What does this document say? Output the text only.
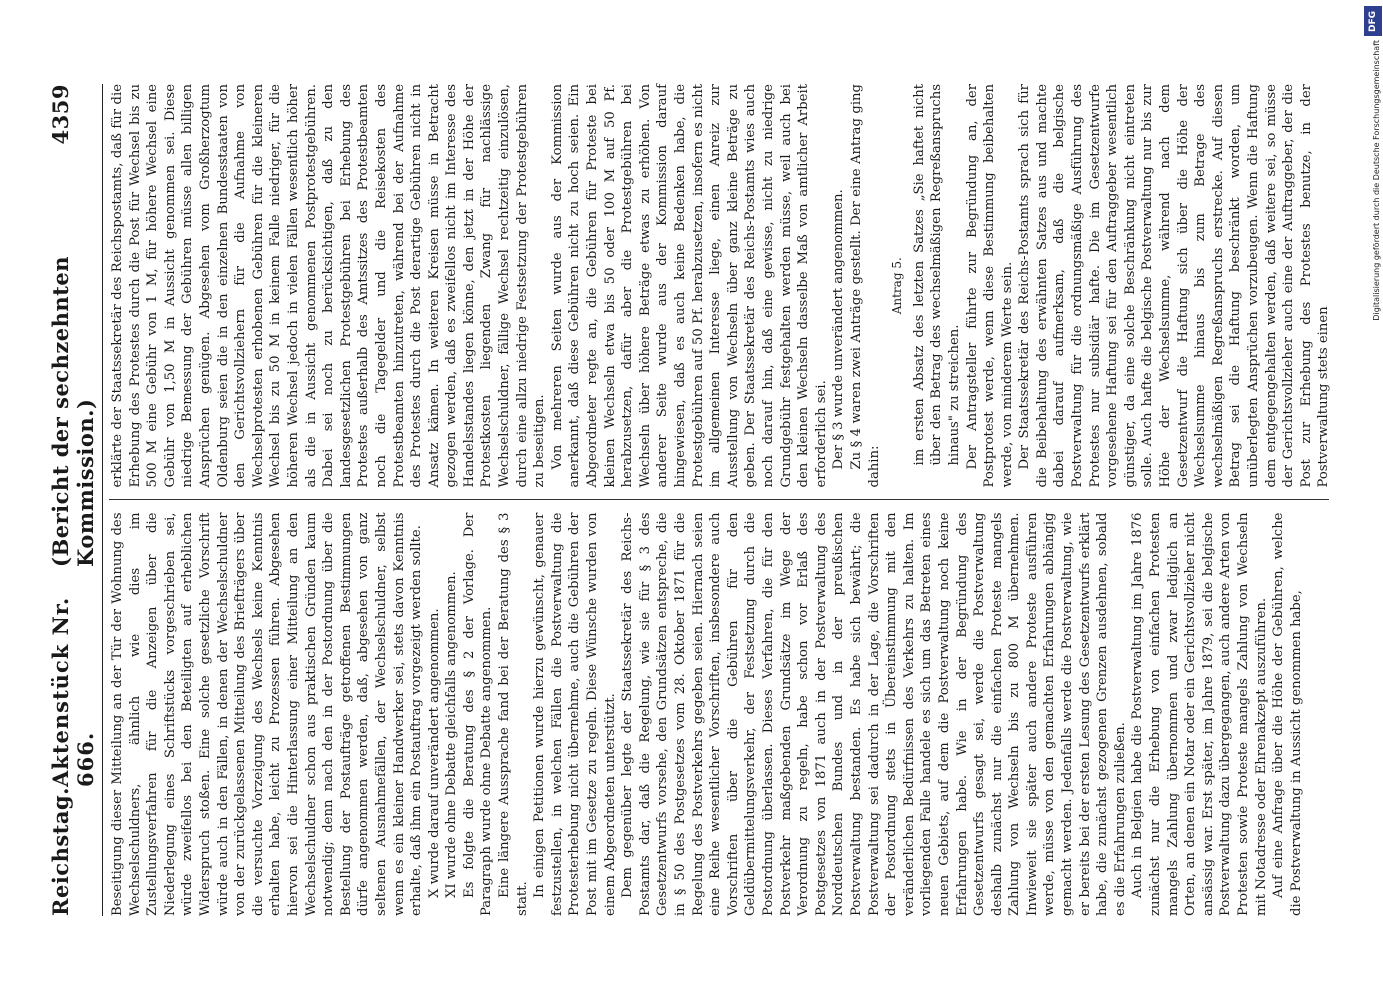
Reichstag.
Aktenstück Nr. 666.
(Bericht der sechzehnten Kommission.)
4359

Beseitigung dieser Mitteilung an der Tür der Wohnung des Wechselschuldners, ähnlich wie dies im Zustellungsverfahren für die Anzeigen über die Niederlegung eines Schriftstücks vorgeschrieben sei, würde zweifellos bei den Beteiligten auf erheblichen Widerspruch stoßen. Eine solche gesetzliche Vorschrift würde auch in den Fällen, in denen der Wechselschuldner von der zurückgelassenen Mitteilung des Briefträgers über die versuchte Vorzeigung des Wechsels keine Kenntnis erhalten habe, leicht zu Prozessen führen. Abgesehen hiervon sei die Hinterlassung einer Mitteilung an den Wechselschuldner schon aus praktischen Gründen kaum notwendig; denn nach den in der Postordnung über die Bestellung der Postaufträge getroffenen Bestimmungen dürfe angenommen werden, daß, abgesehen von ganz seltenen Ausnahmefällen, der Wechselschuldner, selbst wenn es ein kleiner Handwerker sei, stets davon Kenntnis erhalte, daß ihm ein Postauftrag vorgezeigt werden sollte. X wurde darauf unverändert angenommen. XI wurde ohne Debatte gleichfalls angenommen. Es folgte die Beratung des § 2 der Vorlage. Der Paragraph wurde ohne Debatte angenommen. Eine längere Aussprache fand bei der Beratung des § 3 statt.

In einigen Petitionen wurde hierzu gewünscht, genauer festzustellen, in welchen Fällen die Postverwaltung die Protesterhebung nicht übernehme, auch die Gebühren der Post mit im Gesetze zu regeln. Diese Wünsche wurden von einem Abgeordneten unterstützt. Dem gegenüber legte der Staatssekretär des Reichs-Postamts dar, daß die Regelung, wie sie für § 3 des Gesetzentwurfs vorsehe, den Grundsätzen entspreche, die in § 50 des Postgesetzes vom 28. Oktober 1871 für die Regelung des Postverkehrs gegeben seien. Hiernach seien eine Reihe wesentlicher Vorschriften, insbesondere auch Vorschriften über die Gebühren für den Geldübermittelungsverkehr, der Festsetzung durch die Postordnung überlassen. Dieses Verfahren, die für den Postverkehr maßgebenden Grundsätze im Wege der Verordnung zu regeln, habe schon vor Erlaß des Postgesetzes von 1871 auch in der Postverwaltung des Norddeutschen Bundes und in der preußischen Postverwaltung bestanden. Es habe sich bewährt; die Postverwaltung sei dadurch in der Lage, die Vorschriften der Postordnung stets in Übereinstimmung mit den veränderlichen Bedürfnissen des Verkehrs zu halten. Im vorliegenden Falle handele es sich um das Betreten eines neuen Gebiets, auf dem die Postverwaltung noch keine Erfahrungen habe. Wie in der Begründung des Gesetzentwurfs gesagt sei, werde die Postverwaltung deshalb zunächst nur die einfachen Proteste mangels Zahlung von Wechseln bis zu 800 M übernehmen. Inwieweit sie später auch andere Proteste ausführen werde, müsse von den gemachten Erfahrungen abhängig gemacht werden. Jedenfalls werde die Postverwaltung, wie er bereits bei der ersten Lesung des Gesetzentwurfs erklärt habe, die zunächst gezogenen Grenzen ausdehnen, sobald es die Erfahrungen zuließen. Auch in Belgien habe die Postverwaltung im Jahre 1876 zunächst nur die Erhebung von einfachen Protesten mangels Zahlung übernommen und zwar lediglich an Orten, an denen ein Notar oder ein Gerichtsvollzieher nicht ansässig war. Erst später, im Jahre 1879, sei die belgische Postverwaltung dazu übergegangen, auch andere Arten von Protesten sowie Proteste mangels Zahlung von Wechseln mit Notadresse oder Ehrenakzept auszuführen. Auf eine Anfrage über die Höhe der Gebühren, welche die Postverwaltung in Aussicht genommen habe,

erklärte der Staatssekretär des Reichspostamts, daß für die Erhebung des Protestes durch die Post für Wechsel bis zu 500 M eine Gebühr von 1 M, für höhere Wechsel eine Gebühr von 1,50 M in Aussicht genommen sei. Diese niedrige Bemessung der Gebühren müsse allen billigen Ansprüchen genügen. Abgesehen vom Großherzogtum Oldenburg seien die in den einzelnen Bundesstaaten von den Gerichtsvollziehern für die Aufnahme von Wechselprotesten erhobenen Gebühren für die kleineren Wechsel bis zu 50 M in keinem Falle niedriger, für die höheren Wechsel jedoch in vielen Fällen wesentlich höher als die in Aussicht genommenen Postprotestgebühren. Dabei sei noch zu berücksichtigen, daß zu den landesgesetzlichen Protestgebühren bei Erhebung des Protestes außerhalb des Amtssitzes des Protestbeamten noch die Tagegelder und die Reisekosten des Protestbeamten hinzutreten, während bei der Aufnahme des Protestes durch die Post derartige Gebühren nicht in Ansatz kämen. In weiteren Kreisen müsse in Betracht gezogen werden, daß es zweifellos nicht im Interesse des Handelsstandes liegen könne, den jetzt in der Höhe der Protestkosten liegenden Zwang für nachlässige Wechselschuldner, fällige Wechsel rechtzeitig einzulösen, durch eine allzu niedrige Festsetzung der Protestgebühren zu beseitigen. Von mehreren Seiten wurde aus der Kommission anerkannt, daß diese Gebühren nicht zu hoch seien. Ein Abgeordneter regte an, die Gebühren für Proteste bei kleinen Wechseln etwa bis 50 oder 100 M auf 50 Pf. herabzusetzen, dafür aber die Protestgebühren bei Wechseln über höhere Beträge etwas zu erhöhen. Von anderer Seite wurde aus der Kommission darauf hingewiesen, daß es auch keine Bedenken habe, die Protestgebühren auf 50 Pf. herabzusetzen, insofern es nicht im allgemeinen Interesse liege, einen Anreiz zur Ausstellung von Wechseln über ganz kleine Beträge zu geben. Der Staatssekretär des Reichs-Postamts wies auch noch darauf hin, daß eine gewisse, nicht zu niedrige Grundgebühr festgehalten werden müsse, weil auch bei den kleinen Wechseln dasselbe Maß von amtlicher Arbeit erforderlich sei. Der § 3 wurde unverändert angenommen. Zu § 4 waren zwei Anträge gestellt. Der eine Antrag ging dahin:

Antrag 5. im ersten Absatz des letzten Satzes „Sie haftet nicht über den Betrag des wechselmäßigen Regreßanspruchs hinaus" zu streichen. Der Antragsteller führte zur Begründung an, der Postprotest werde, wenn diese Bestimmung beibehalten werde, von minderem Werte sein. Der Staatssekretär des Reichs-Postamts sprach sich für die Beibehaltung des erwähnten Satzes aus und machte dabei darauf aufmerksam, daß die belgische Postverwaltung für die ordnungsmäßige Ausführung des Protestes nur subsidiär hafte. Die im Gesetzentwurfe vorgesehene Haftung sei für den Auftraggeber wesentlich günstiger, da eine solche Beschränkung nicht eintreten solle. Auch hafte die belgische Postverwaltung nur bis zur Höhe der Wechselsumme, während nach dem Gesetzentwurf die Haftung sich über die Höhe der Wechselsumme hinaus bis zum Betrage des wechselmäßigen Regreßanspruchs erstrecke. Auf diesen Betrag sei die Haftung beschränkt worden, um unüberlegten Ansprüchen vorzubeugen. Wenn die Haftung dem entgegengehalten werden, daß weitere sei, so müsse der Gerichtsvollzieher auch eine der Auftraggeber, der die Post zur Erhebung des Protestes benutze, in der Postverwaltung stets einen

DFG
Digitalisierung gefördert durch die Deutsche Forschungsgemeinschaft
